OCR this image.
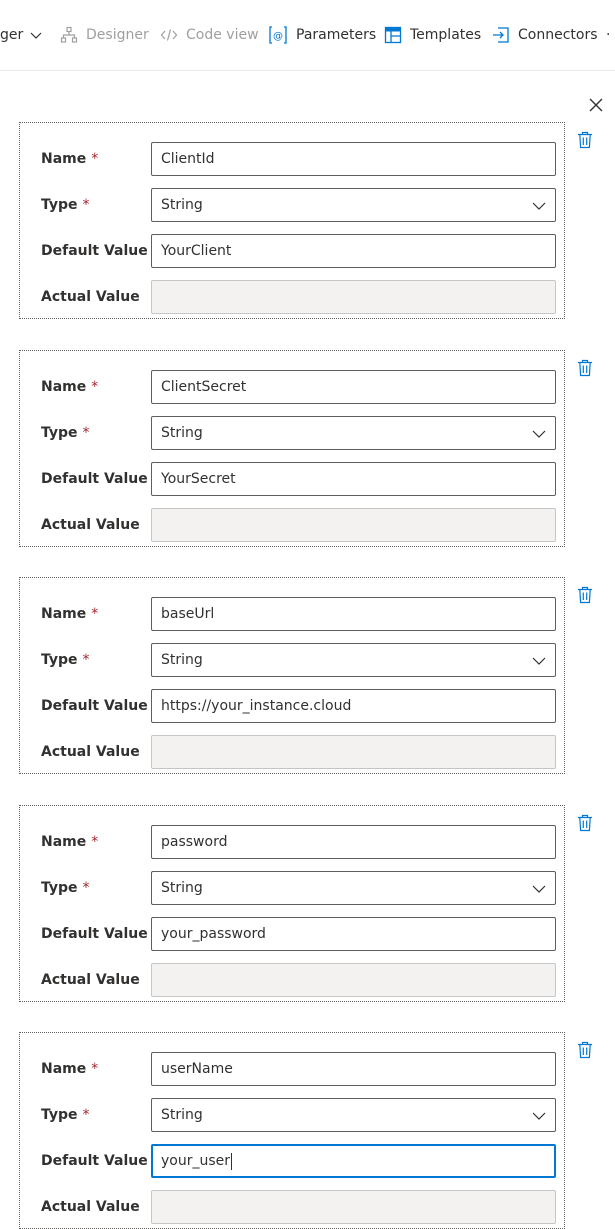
ger	Designer	Code view @ Parameters Templates	Connectors ·
Name *	ClientId
Type *	String
Default Value YourClient
Actual Value
Name *	ClientSecret
Type *	String
Default Value YourSecret
Actual Value
Name *	baseUrl
Type *	String
Default Value https://your_instance.cloud
Actual Value
Name *	password
Type *	String
Default Value your_password
Actual Value
Name *	userName
Type *	String
Default Value your_user
Actual Value
